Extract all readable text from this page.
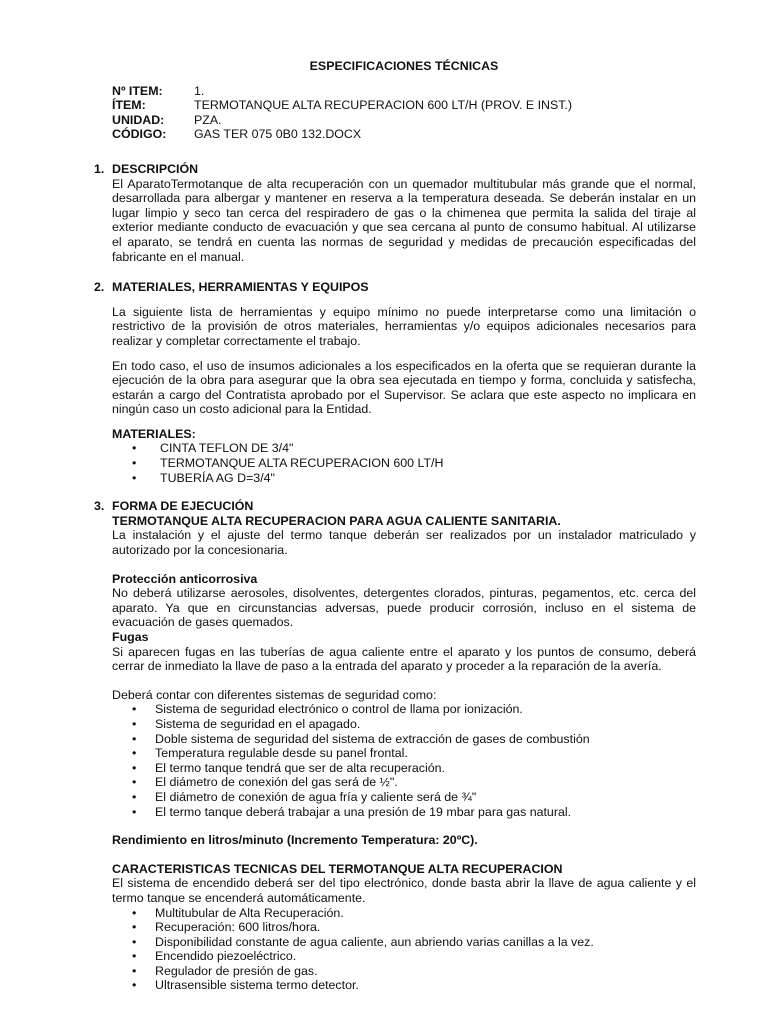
ESPECIFICACIONES TÉCNICAS
Nº ITEM:	1.
ÍTEM:	TERMOTANQUE ALTA RECUPERACION 600 LT/H (PROV. E INST.)
UNIDAD:	PZA.
CÓDIGO:	GAS TER 075 0B0 132.DOCX
1. DESCRIPCIÓN

El AparatoTermotanque de alta recuperación con un quemador multitubular más grande que el normal, desarrollada para albergar y mantener en reserva a la temperatura deseada. Se deberán instalar en un lugar limpio y seco tan cerca del respiradero de gas o la chimenea que permita la salida del tiraje al exterior mediante conducto de evacuación y que sea cercana al punto de consumo habitual. Al utilizarse el aparato, se tendrá en cuenta las normas de seguridad y medidas de precaución especificadas del fabricante en el manual.

2. MATERIALES, HERRAMIENTAS Y EQUIPOS

La siguiente lista de herramientas y equipo mínimo no puede interpretarse como una limitación o restrictivo de la provisión de otros materiales, herramientas y/o equipos adicionales necesarios para realizar y completar correctamente el trabajo.

En todo caso, el uso de insumos adicionales a los especificados en la oferta que se requieran durante la ejecución de la obra para asegurar que la obra sea ejecutada en tiempo y forma, concluida y satisfecha, estarán a cargo del Contratista aprobado por el Supervisor. Se aclara que este aspecto no implicara en ningún caso un costo adicional para la Entidad.

MATERIALES:
• CINTA TEFLON DE 3/4"
• TERMOTANQUE ALTA RECUPERACION 600 LT/H
• TUBERÍA AG D=3/4"
3. FORMA DE EJECUCIÓN
TERMOTANQUE ALTA RECUPERACION PARA AGUA CALIENTE SANITARIA.

La instalación y el ajuste del termo tanque deberán ser realizados por un instalador matriculado y autorizado por la concesionaria.

Protección anticorrosiva

No deberá utilizarse aerosoles, disolventes, detergentes clorados, pinturas, pegamentos, etc. cerca del aparato. Ya que en circunstancias adversas, puede producir corrosión, incluso en el sistema de evacuación de gases quemados.

Fugas

Si aparecen fugas en las tuberías de agua caliente entre el aparato y los puntos de consumo, deberá cerrar de inmediato la llave de paso a la entrada del aparato y proceder a la reparación de la avería.

Deberá contar con diferentes sistemas de seguridad como:

• Sistema de seguridad electrónico o control de llama por ionización.
• Sistema de seguridad en el apagado.
• Doble sistema de seguridad del sistema de extracción de gases de combustión
• Temperatura regulable desde su panel frontal.
• El termo tanque tendrá que ser de alta recuperación.
• El diámetro de conexión del gas será de ½".
• El diámetro de conexión de agua fría y caliente será de ¾"
• El termo tanque deberá trabajar a una presión de 19 mbar para gas natural.
Rendimiento en litros/minuto (Incremento Temperatura: 20ºC).
CARACTERISTICAS TECNICAS DEL TERMOTANQUE ALTA RECUPERACION

El sistema de encendido deberá ser del tipo electrónico, donde basta abrir la llave de agua caliente y el termo tanque se encenderá automáticamente.

• Multitubular de Alta Recuperación.
• Recuperación: 600 litros/hora.
• Disponibilidad constante de agua caliente, aun abriendo varias canillas a la vez.
• Encendido piezoeléctrico.
• Regulador de presión de gas.
• Ultrasensible sistema termo detector.
